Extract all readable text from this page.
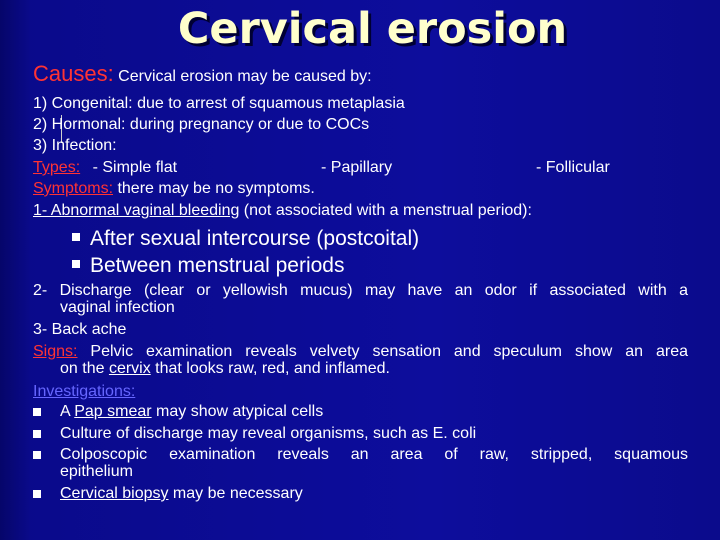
Cervical erosion
Causes: Cervical erosion may be caused by:
1) Congenital: due to arrest of squamous metaplasia
2) Hormonal: during pregnancy or due to COCs
3) Infection:
Types: - Simple flat	- Papillary	- Follicular
Symptoms: there may be no symptoms.
1- Abnormal vaginal bleeding (not associated with a menstrual period):
After sexual intercourse (postcoital)
Between menstrual periods
2- Discharge (clear or yellowish mucus) may have an odor if associated with a
vaginal infection
3- Back ache
Signs: Pelvic examination reveals velvety sensation and speculum show an area
on the cervix that looks raw, red, and inflamed.
Investigations:
A Pap smear may show atypical cells
Culture of discharge may reveal organisms, such as E. coli
Colposcopic examination reveals an area of raw, stripped, squamous
epithelium
Cervical biopsy may be necessary
